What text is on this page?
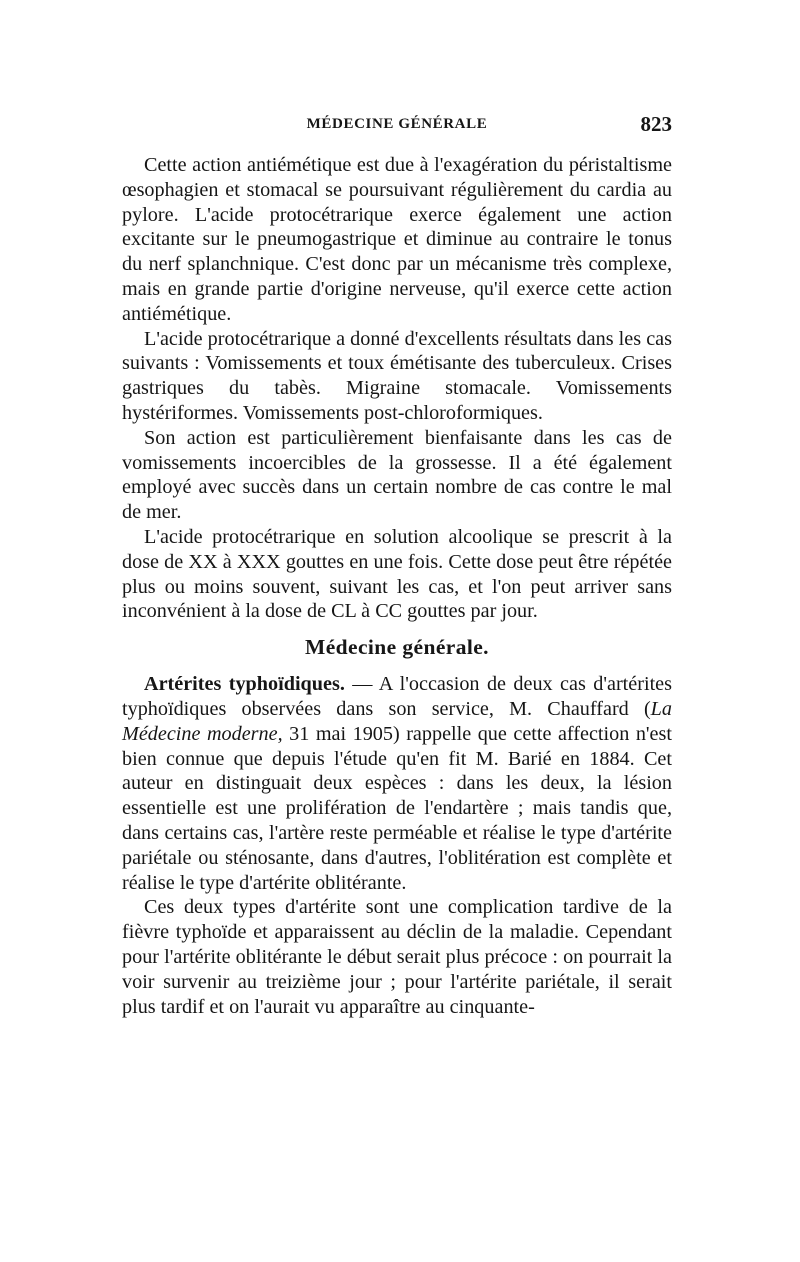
MÉDECINE GÉNÉRALE	823

Cette action antiémétique est due à l'exagération du péristaltisme œsophagien et stomacal se poursuivant régulièrement du cardia au pylore. L'acide protocétrarique exerce également une action excitante sur le pneumogastrique et diminue au contraire le tonus du nerf splanchnique. C'est donc par un mécanisme très complexe, mais en grande partie d'origine nerveuse, qu'il exerce cette action antiémétique.

L'acide protocétrarique a donné d'excellents résultats dans les cas suivants : Vomissements et toux émétisante des tuberculeux. Crises gastriques du tabès. Migraine stomacale. Vomissements hystériformes. Vomissements post-chloroformiques.

Son action est particulièrement bienfaisante dans les cas de vomissements incoercibles de la grossesse. Il a été également employé avec succès dans un certain nombre de cas contre le mal de mer.

L'acide protocétrarique en solution alcoolique se prescrit à la dose de XX à XXX gouttes en une fois. Cette dose peut être répétée plus ou moins souvent, suivant les cas, et l'on peut arriver sans inconvénient à la dose de CL à CC gouttes par jour.

Médecine générale.

Artérites typhoïdiques. — A l'occasion de deux cas d'artérites typhoïdiques observées dans son service, M. Chauffard (La Médecine moderne, 31 mai 1905) rappelle que cette affection n'est bien connue que depuis l'étude qu'en fit M. Barié en 1884. Cet auteur en distinguait deux espèces : dans les deux, la lésion essentielle est une prolifération de l'endartère ; mais tandis que, dans certains cas, l'artère reste perméable et réalise le type d'artérite pariétale ou sténosante, dans d'autres, l'oblitération est complète et réalise le type d'artérite oblitérante.

Ces deux types d'artérite sont une complication tardive de la fièvre typhoïde et apparaissent au déclin de la maladie. Cependant pour l'artérite oblitérante le début serait plus précoce : on pourrait la voir survenir au treizième jour ; pour l'artérite pariétale, il serait plus tardif et on l'aurait vu apparaître au cinquante-
